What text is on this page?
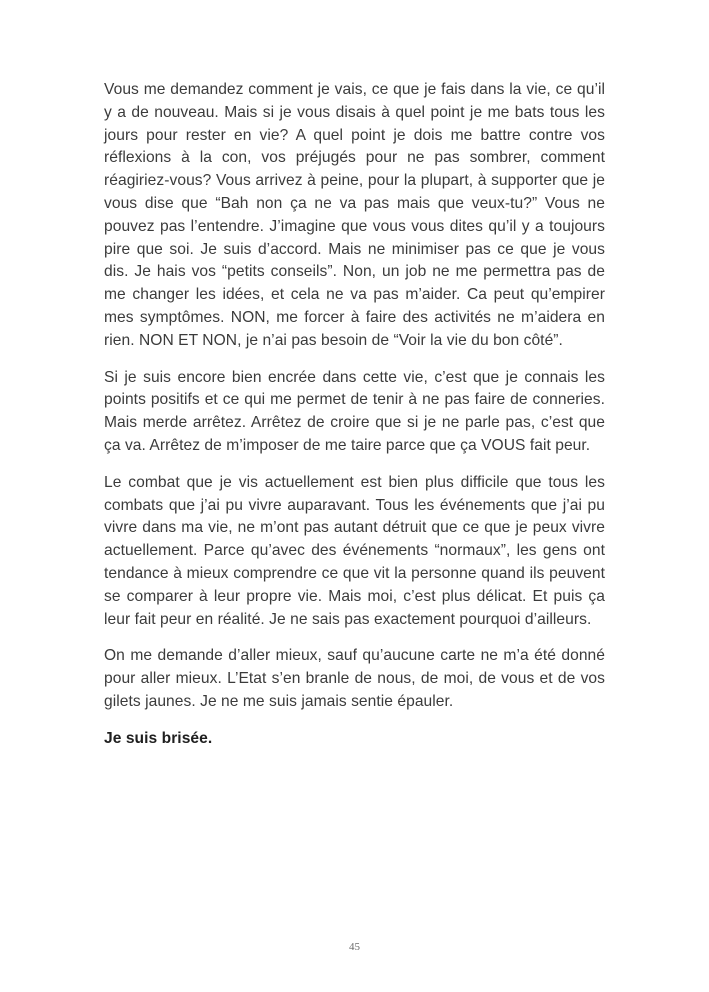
Vous me demandez comment je vais, ce que je fais dans la vie, ce qu’il y a de nouveau. Mais si je vous disais à quel point je me bats tous les jours pour rester en vie? A quel point je dois me battre contre vos réflexions à la con, vos préjugés pour ne pas sombrer, comment réagiriez-vous? Vous arrivez à peine, pour la plupart, à supporter que je vous dise que “Bah non ça ne va pas mais que veux-tu?” Vous ne pouvez pas l’entendre. J’imagine que vous vous dites qu’il y a toujours pire que soi. Je suis d’accord. Mais ne minimiser pas ce que je vous dis. Je hais vos “petits conseils”. Non, un job ne me permettra pas de me changer les idées, et cela ne va pas m’aider. Ca peut qu’empirer mes symptômes. NON, me forcer à faire des activités ne m’aidera en rien. NON ET NON, je n’ai pas besoin de “Voir la vie du bon côté”.

Si je suis encore bien encrée dans cette vie, c’est que je connais les points positifs et ce qui me permet de tenir à ne pas faire de conneries. Mais merde arrêtez. Arrêtez de croire que si je ne parle pas, c’est que ça va. Arrêtez de m’imposer de me taire parce que ça VOUS fait peur.

Le combat que je vis actuellement est bien plus difficile que tous les combats que j’ai pu vivre auparavant. Tous les événements que j’ai pu vivre dans ma vie, ne m’ont pas autant détruit que ce que je peux vivre actuellement. Parce qu’avec des événements “normaux”, les gens ont tendance à mieux comprendre ce que vit la personne quand ils peuvent se comparer à leur propre vie. Mais moi, c’est plus délicat. Et puis ça leur fait peur en réalité. Je ne sais pas exactement pourquoi d’ailleurs.

On me demande d’aller mieux, sauf qu’aucune carte ne m’a été donné pour aller mieux. L’Etat s’en branle de nous, de moi, de vous et de vos gilets jaunes. Je ne me suis jamais sentie épauler.

Je suis brisée.

45
